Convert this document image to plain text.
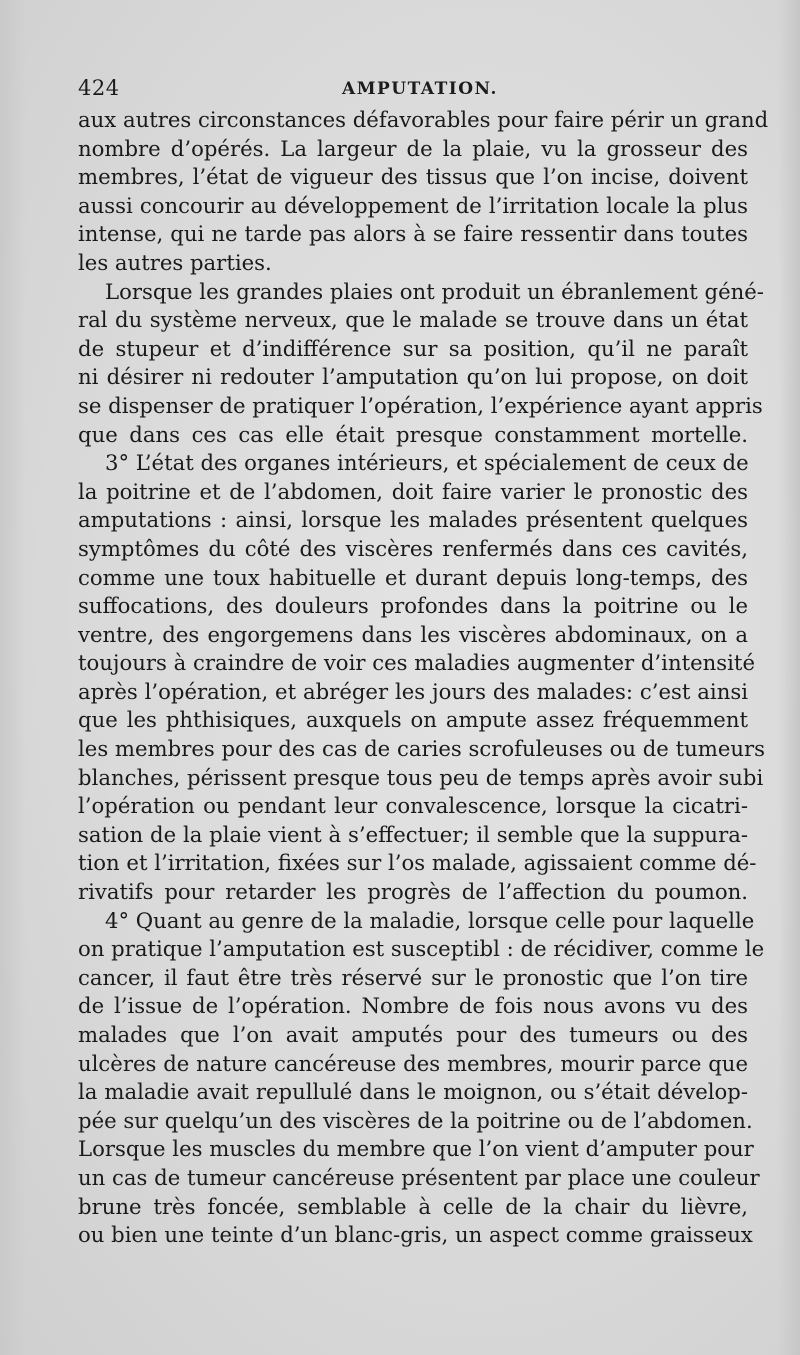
424	AMPUTATION.
aux autres circonstances défavorables pour faire périr un grand
nombre d’opérés. La largeur de la plaie, vu la grosseur des
membres, l’état de vigueur des tissus que l’on incise, doivent
aussi concourir au développement de l’irritation locale la plus
intense, qui ne tarde pas alors à se faire ressentir dans toutes
les autres parties.
Lorsque les grandes plaies ont produit un ébranlement géné-
ral du système nerveux, que le malade se trouve dans un état
de stupeur et d’indifférence sur sa position, qu’il ne paraît
ni désirer ni redouter l’amputation qu’on lui propose, on doit
se dispenser de pratiquer l’opération, l’expérience ayant appris
que dans ces cas elle était presque constamment mortelle.
3° L’état des organes intérieurs, et spécialement de ceux de
la poitrine et de l’abdomen, doit faire varier le pronostic des
amputations : ainsi, lorsque les malades présentent quelques
symptômes du côté des viscères renfermés dans ces cavités,
comme une toux habituelle et durant depuis long-temps, des
suffocations, des douleurs profondes dans la poitrine ou le
ventre, des engorgemens dans les viscères abdominaux, on a
toujours à craindre de voir ces maladies augmenter d’intensité
après l’opération, et abréger les jours des malades: c’est ainsi
que les phthisiques, auxquels on ampute assez fréquemment
les membres pour des cas de caries scrofuleuses ou de tumeurs
blanches, périssent presque tous peu de temps après avoir subi
l’opération ou pendant leur convalescence, lorsque la cicatri-
sation de la plaie vient à s’effectuer; il semble que la suppura-
tion et l’irritation, fixées sur l’os malade, agissaient comme dé-
rivatifs pour retarder les progrès de l’affection du poumon.
4° Quant au genre de la maladie, lorsque celle pour laquelle
on pratique l’amputation est susceptibl : de récidiver, comme le
cancer, il faut être très réservé sur le pronostic que l’on tire
de l’issue de l’opération. Nombre de fois nous avons vu des
malades que l’on avait amputés pour des tumeurs ou des
ulcères de nature cancéreuse des membres, mourir parce que
la maladie avait repullulé dans le moignon, ou s’était dévelop-
pée sur quelqu’un des viscères de la poitrine ou de l’abdomen.
Lorsque les muscles du membre que l’on vient d’amputer pour
un cas de tumeur cancéreuse présentent par place une couleur
brune très foncée, semblable à celle de la chair du lièvre,
ou bien une teinte d’un blanc-gris, un aspect comme graisseux
